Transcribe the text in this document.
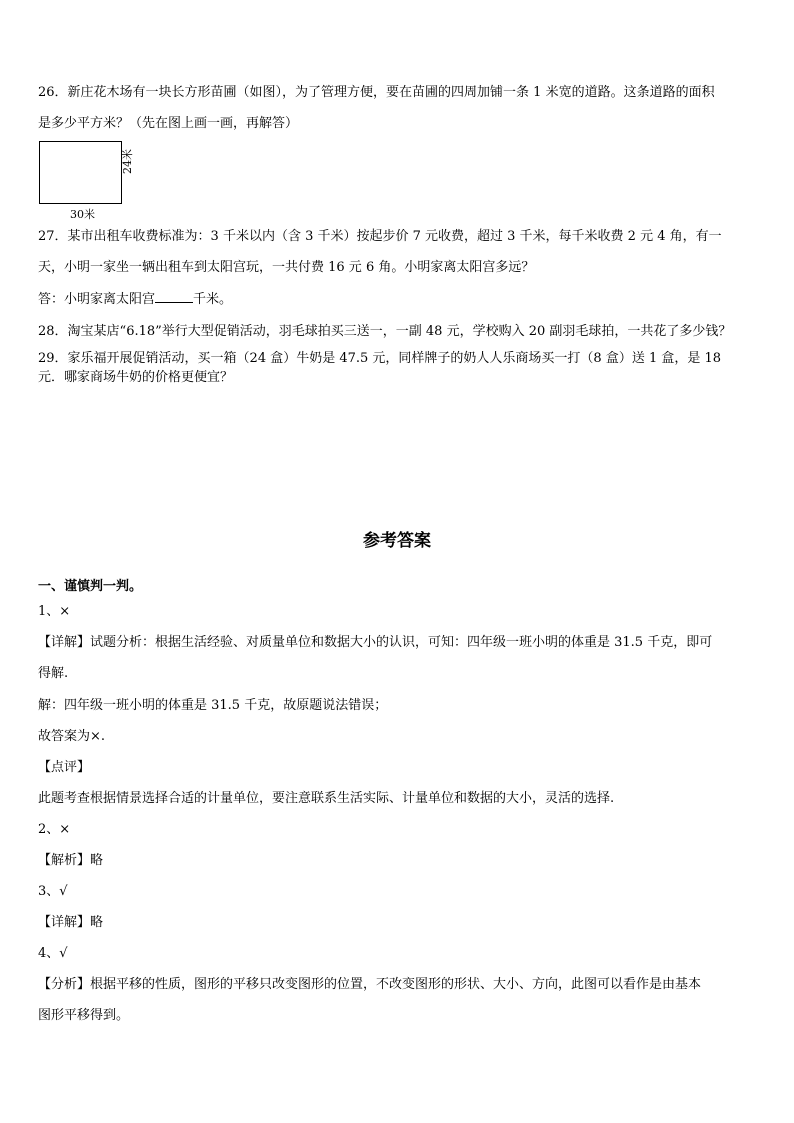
26．新庄花木场有一块长方形苗圃（如图），为了管理方便，要在苗圃的四周加铺一条 1 米宽的道路。这条道路的面积
是多少平方米？（先在图上画一画，再解答）
24米
30米
27．某市出租车收费标准为：3 千米以内（含 3 千米）按起步价 7 元收费，超过 3 千米，每千米收费 2 元 4 角，有一
天，小明一家坐一辆出租车到太阳宫玩，一共付费 16 元 6 角。小明家离太阳宫多远？
答：小明家离太阳宫	千米。
28．淘宝某店“6.18”举行大型促销活动，羽毛球拍买三送一，一副 48 元，学校购入 20 副羽毛球拍，一共花了多少钱？
29．家乐福开展促销活动，买一箱（24 盒）牛奶是 47.5 元，同样牌子的奶人人乐商场买一打（8 盒）送 1 盒，是 18
元．哪家商场牛奶的价格更便宜？
参考答案
一、谨慎判一判。
1、×
【详解】试题分析：根据生活经验、对质量单位和数据大小的认识，可知：四年级一班小明的体重是 31.5 千克，即可
得解.
解：四年级一班小明的体重是 31.5 千克，故原题说法错误；
故答案为×.
【点评】
此题考查根据情景选择合适的计量单位，要注意联系生活实际、计量单位和数据的大小，灵活的选择.
2、×
【解析】略
3、√
【详解】略
4、√
【分析】根据平移的性质，图形的平移只改变图形的位置，不改变图形的形状、大小、方向，此图可以看作是由基本
图形平移得到。
